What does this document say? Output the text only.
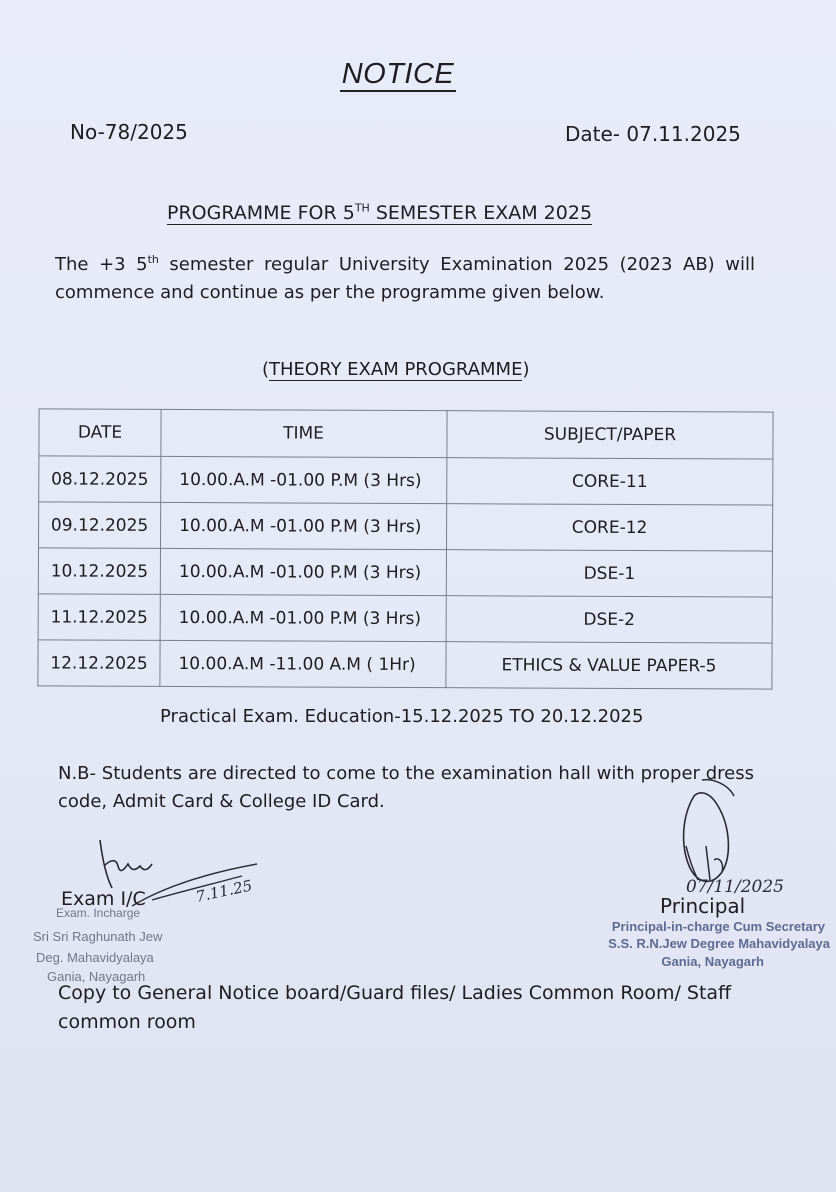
NOTICE
No-78/2025	Date- 07.11.2025
PROGRAMME FOR 5TH SEMESTER EXAM 2025
The +3 5th semester regular University Examination 2025 (2023 AB) will commence and continue as per the programme given below.
(THEORY EXAM PROGRAMME)
DATE	TIME	SUBJECT/PAPER
08.12.2025	10.00.A.M -01.00 P.M (3 Hrs)	CORE-11
09.12.2025	10.00.A.M -01.00 P.M (3 Hrs)	CORE-12
10.12.2025	10.00.A.M -01.00 P.M (3 Hrs)	DSE-1
11.12.2025	10.00.A.M -01.00 P.M (3 Hrs)	DSE-2
12.12.2025	10.00.A.M -11.00 A.M ( 1Hr)	ETHICS & VALUE PAPER-5
Practical Exam. Education-15.12.2025 TO 20.12.2025
N.B- Students are directed to come to the examination hall with proper dress code, Admit Card & College ID Card.
7.11.25	07/11/2025
Exam I/C	Principal
Exam. Incharge
Sri Sri Raghunath Jew
Deg. Mahavidyalaya
Gania, Nayagarh
Principal-in-charge Cum Secretary
S.S. R.N.Jew Degree Mahavidyalaya
Gania, Nayagarh
Copy to General Notice board/Guard files/ Ladies Common Room/ Staff common room
